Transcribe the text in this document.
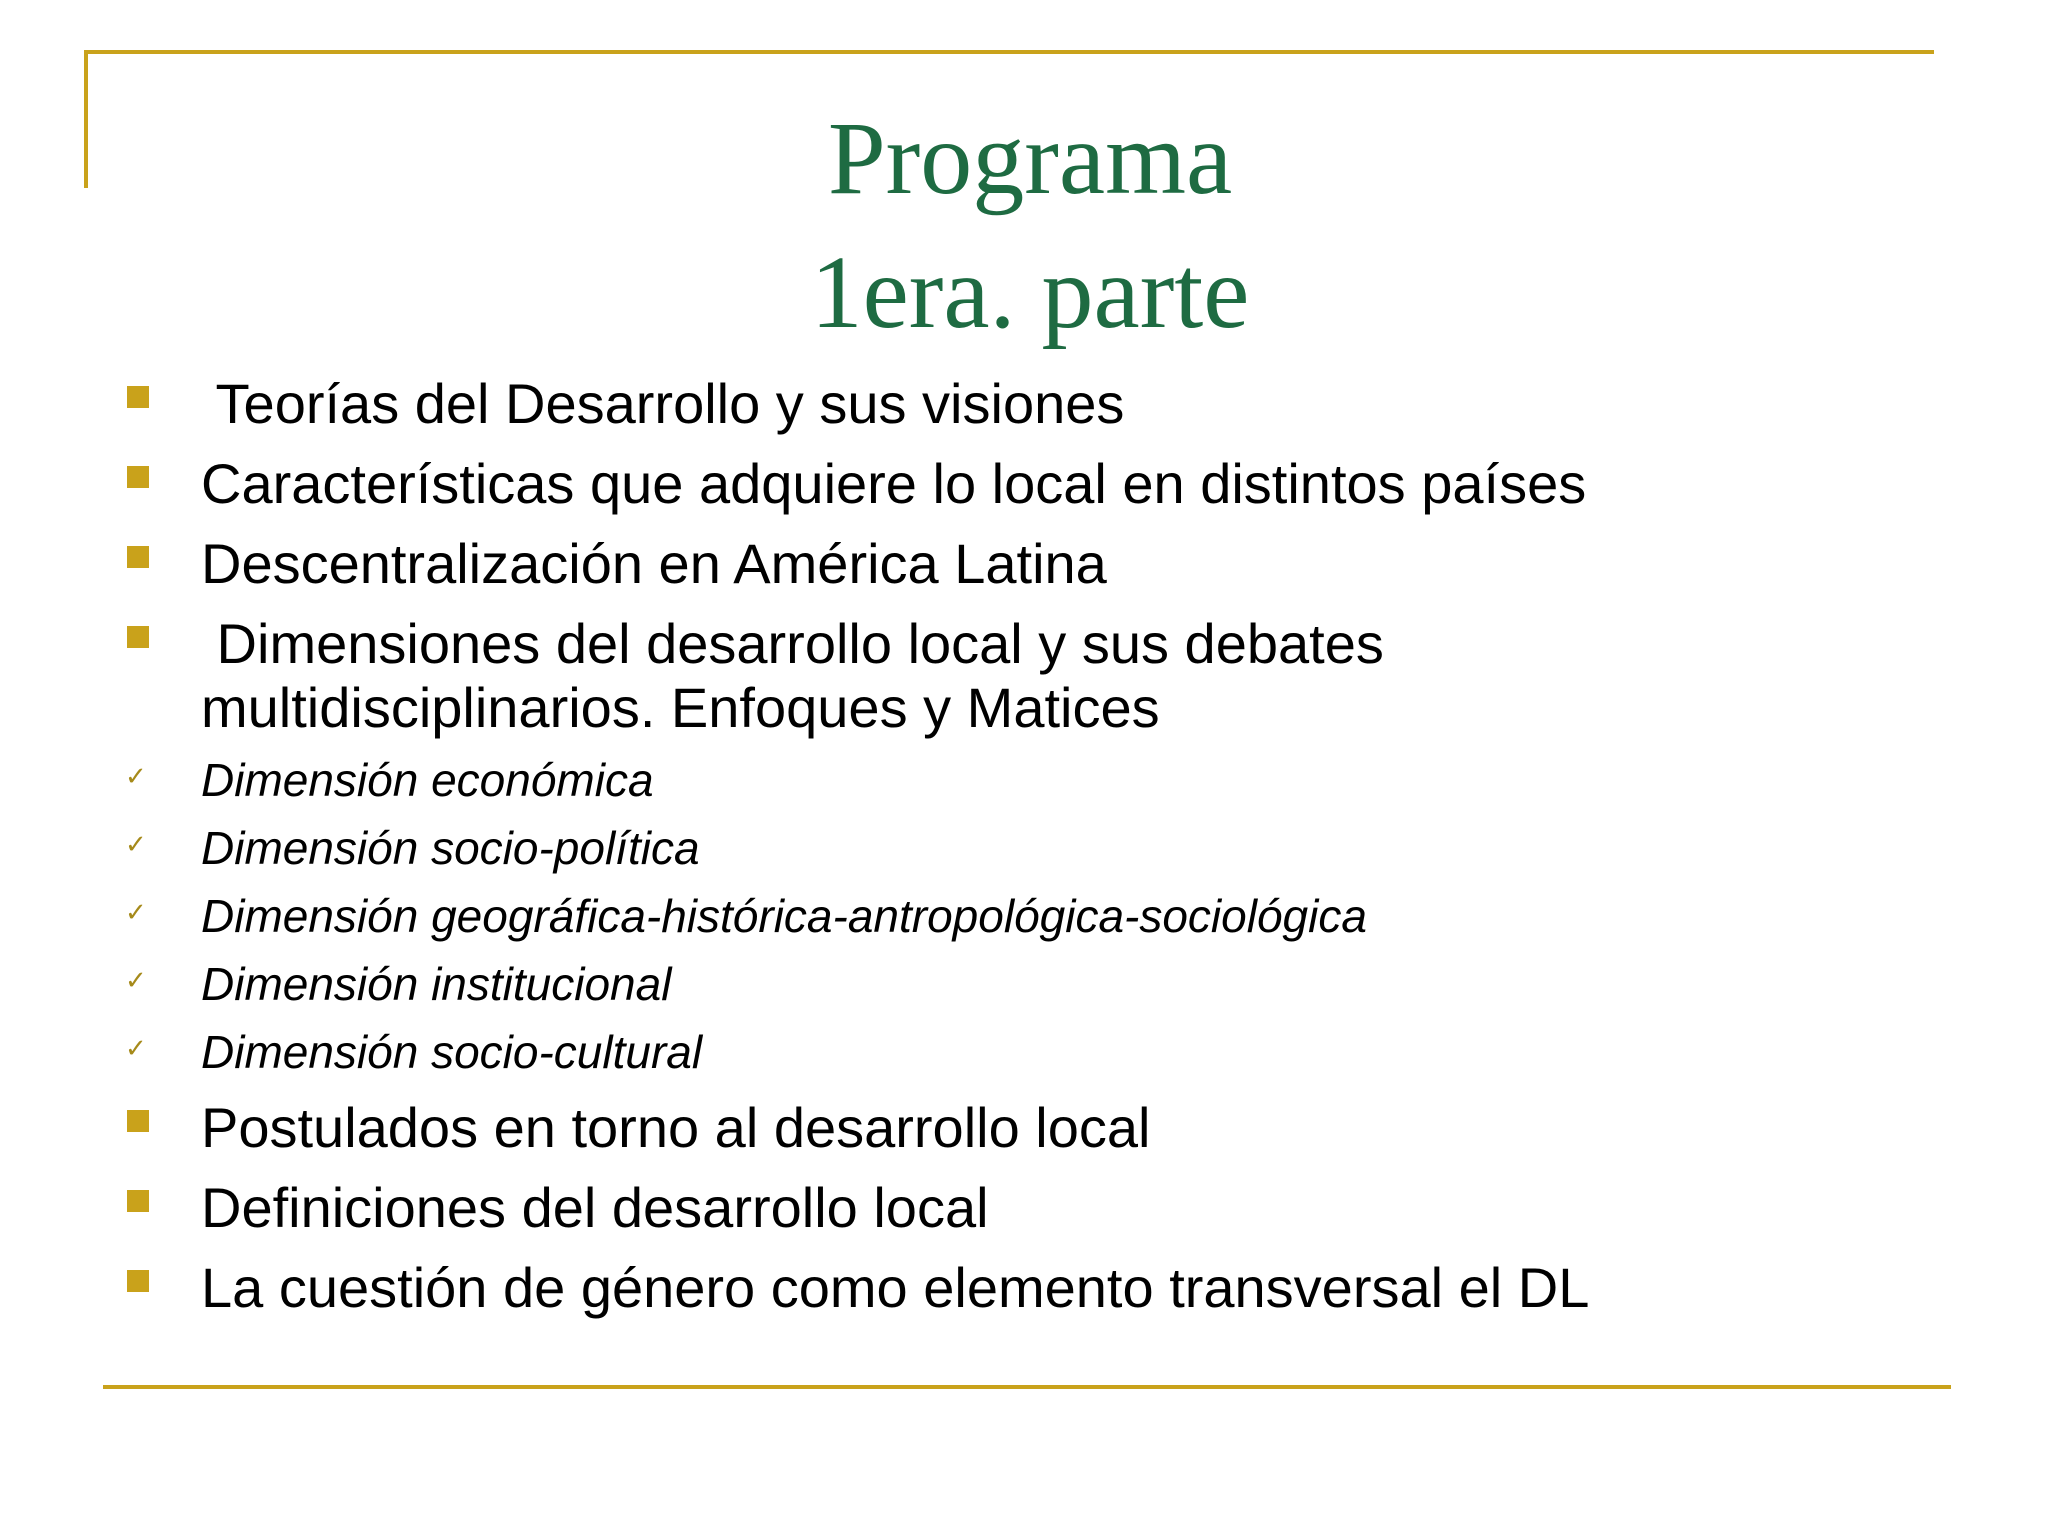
Programa
1era. parte
Teorías del Desarrollo y sus visiones
Características que adquiere lo local en distintos países
Descentralización en América Latina
Dimensiones del desarrollo local y sus debates
multidisciplinarios. Enfoques y Matices
✓ Dimensión económica
✓ Dimensión socio-política
✓ Dimensión geográfica-histórica-antropológica-sociológica
✓ Dimensión institucional
✓ Dimensión socio-cultural
Postulados en torno al desarrollo local
Definiciones del desarrollo local
La cuestión de género como elemento transversal el DL
